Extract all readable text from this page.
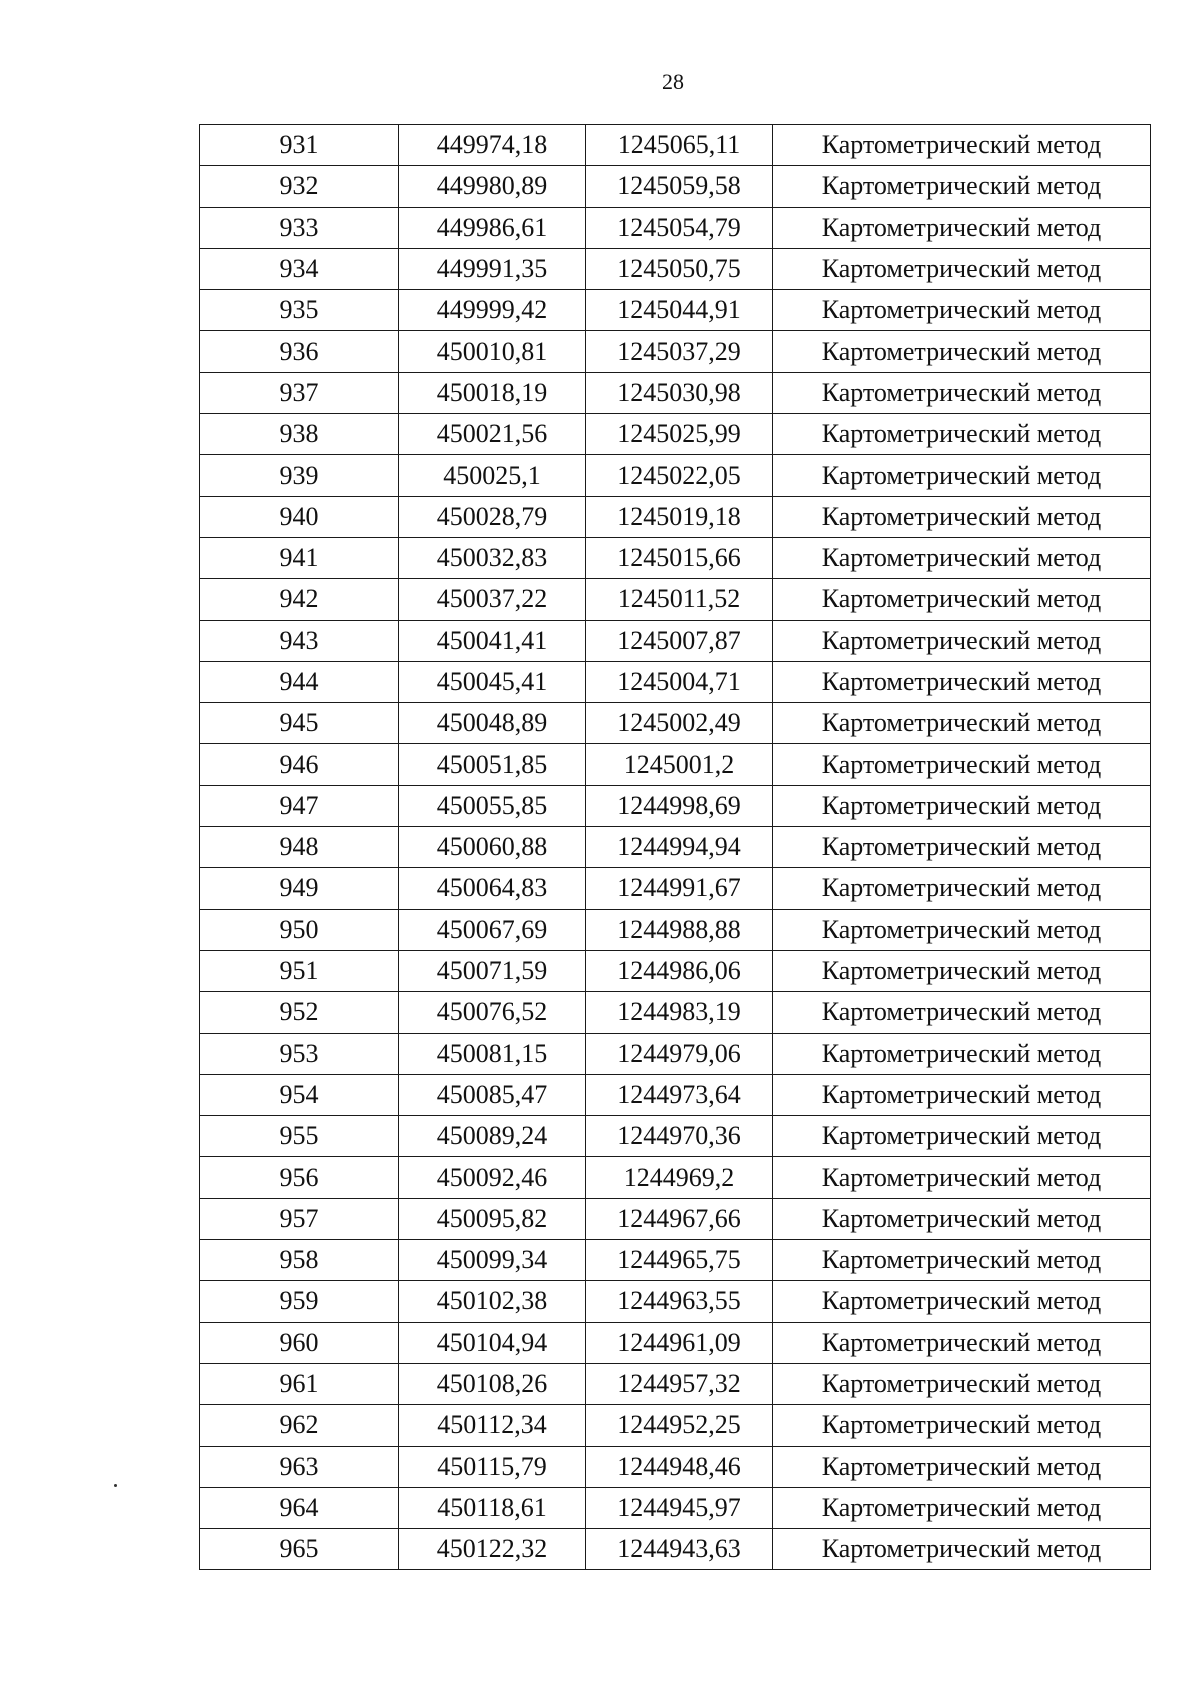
28
931	449974,18	1245065,11	Картометрический метод
932	449980,89	1245059,58	Картометрический метод
933	449986,61	1245054,79	Картометрический метод
934	449991,35	1245050,75	Картометрический метод
935	449999,42	1245044,91	Картометрический метод
936	450010,81	1245037,29	Картометрический метод
937	450018,19	1245030,98	Картометрический метод
938	450021,56	1245025,99	Картометрический метод
939	450025,1	1245022,05	Картометрический метод
940	450028,79	1245019,18	Картометрический метод
941	450032,83	1245015,66	Картометрический метод
942	450037,22	1245011,52	Картометрический метод
943	450041,41	1245007,87	Картометрический метод
944	450045,41	1245004,71	Картометрический метод
945	450048,89	1245002,49	Картометрический метод
946	450051,85	1245001,2	Картометрический метод
947	450055,85	1244998,69	Картометрический метод
948	450060,88	1244994,94	Картометрический метод
949	450064,83	1244991,67	Картометрический метод
950	450067,69	1244988,88	Картометрический метод
951	450071,59	1244986,06	Картометрический метод
952	450076,52	1244983,19	Картометрический метод
953	450081,15	1244979,06	Картометрический метод
954	450085,47	1244973,64	Картометрический метод
955	450089,24	1244970,36	Картометрический метод
956	450092,46	1244969,2	Картометрический метод
957	450095,82	1244967,66	Картометрический метод
958	450099,34	1244965,75	Картометрический метод
959	450102,38	1244963,55	Картометрический метод
960	450104,94	1244961,09	Картометрический метод
961	450108,26	1244957,32	Картометрический метод
962	450112,34	1244952,25	Картометрический метод
963	450115,79	1244948,46	Картометрический метод
964	450118,61	1244945,97	Картометрический метод
965	450122,32	1244943,63	Картометрический метод
